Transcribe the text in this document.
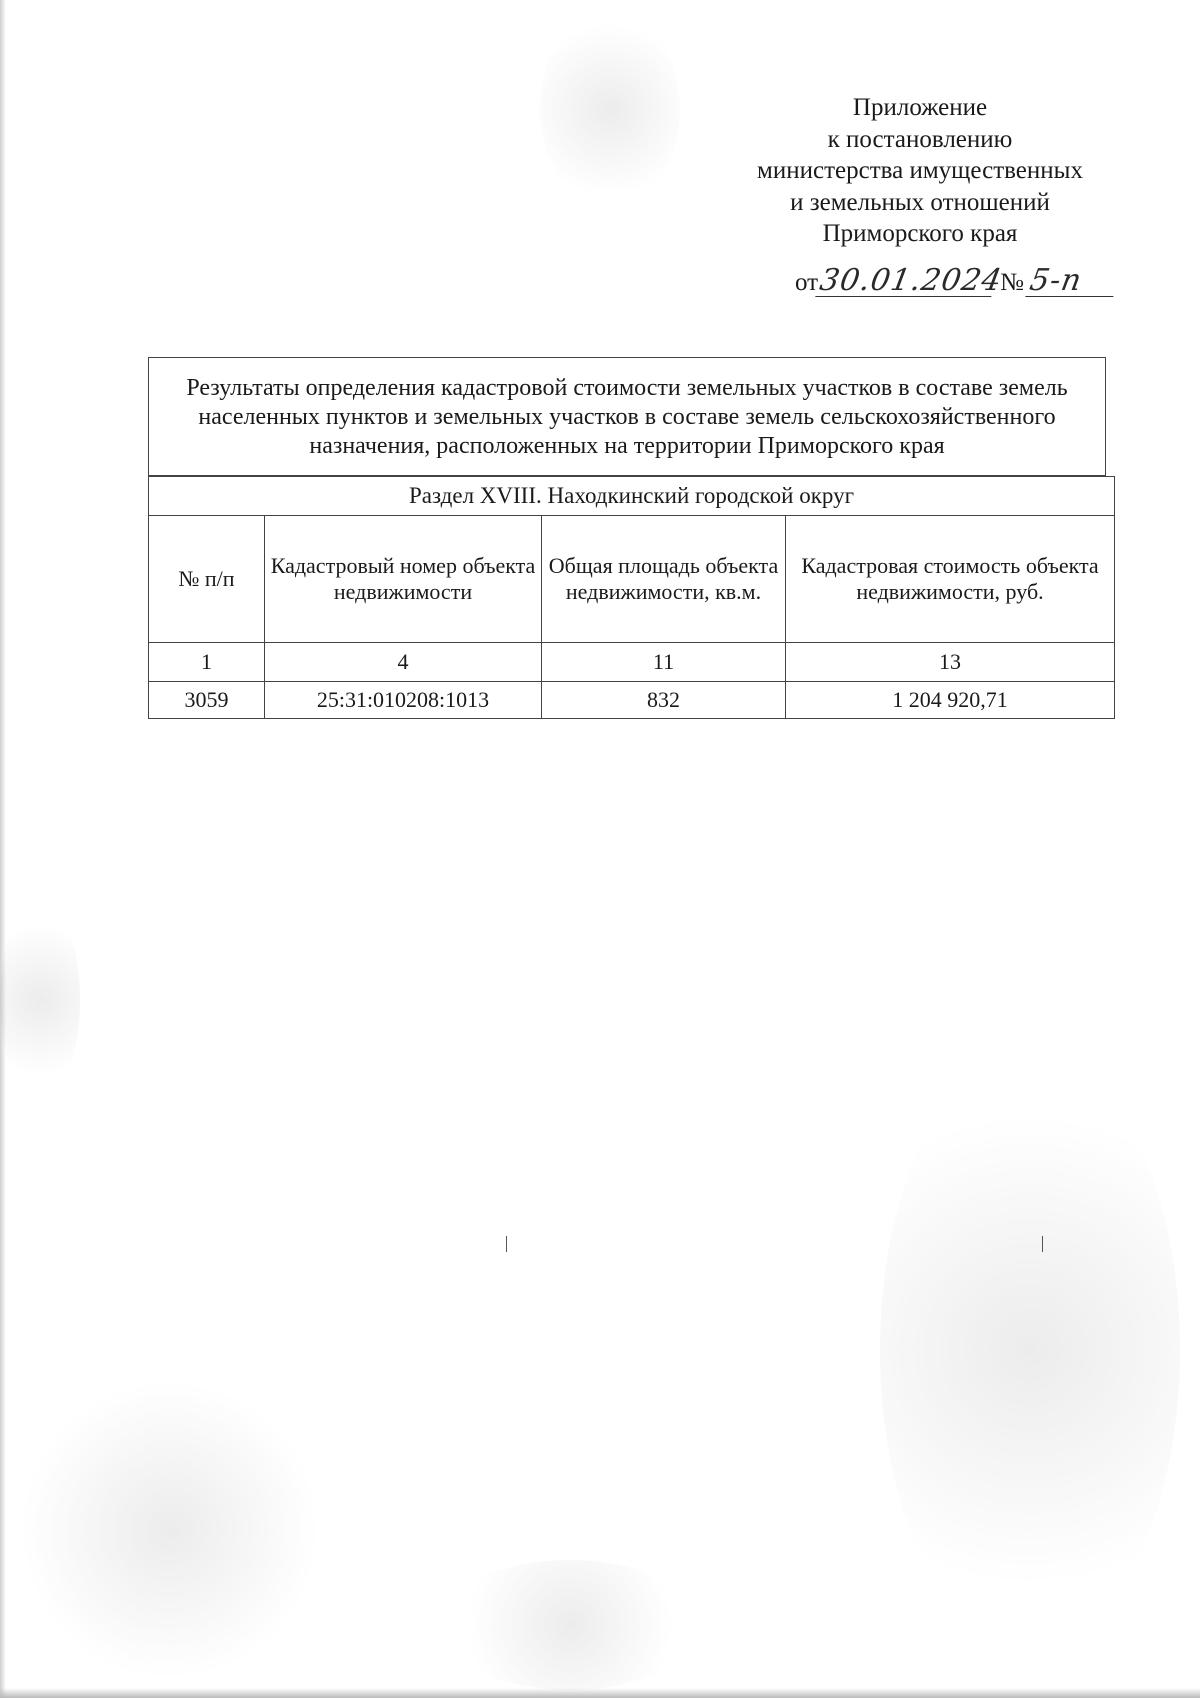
Приложение
к постановлению
министерства имущественных
и земельных отношений
Приморского края
от 30.01.2024
№ 5-п
Результаты определения кадастровой стоимости земельных участков в составе земель
населенных пунктов и земельных участков в составе земель сельскохозяйственного
назначения, расположенных на территории Приморского края
Раздел XVIII. Находкинский городской округ			
№ п/п	Кадастровый номер объекта недвижимости	Общая площадь объекта недвижимости, кв.м.	Кадастровая стоимость объекта недвижимости, руб.
1	4	11	13
3059	25:31:010208:1013	832	1 204 920,71
